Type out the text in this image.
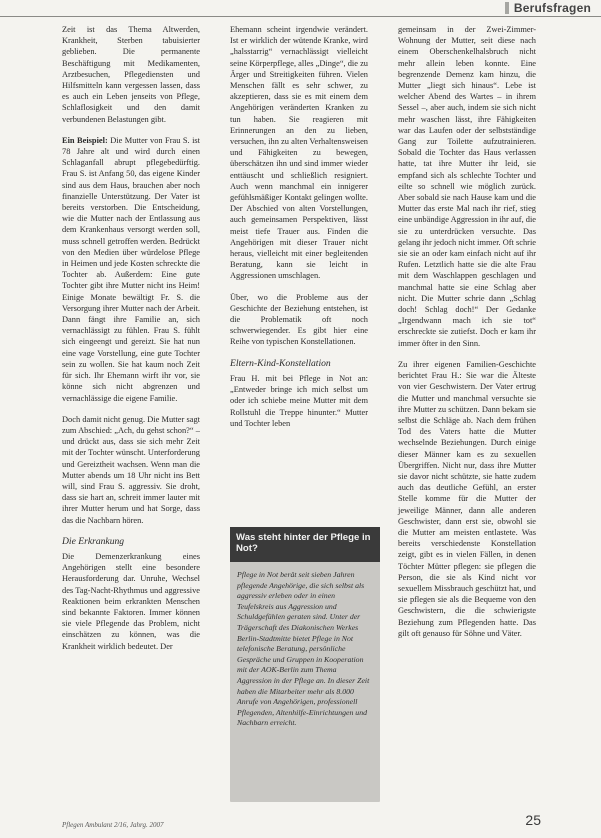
Berufsfragen

Zeit ist das Thema Altwerden, Krankheit, Sterben tabuisierter geblieben. Die permanente Beschäftigung mit Medikamenten, Arztbesuchen, Pflegediensten und Hilfsmitteln kann vergessen lassen, dass es auch ein Leben jenseits von Pflege, Schlaflosigkeit und den damit verbundenen Belastungen gibt.

Ein Beispiel: Die Mutter von Frau S. ist 78 Jahre alt und wird durch einen Schlaganfall abrupt pflegebedürftig. Frau S. ist Anfang 50, das eigene Kinder sind aus dem Haus, brauchen aber noch finanzielle Unterstützung. Der Vater ist bereits verstorben. Die Entscheidung, wie die Mutter nach der Entlassung aus dem Krankenhaus versorgt werden soll, muss schnell getroffen werden. Bedrückt von den Medien über würdelose Pflege in Heimen und jede Kosten schreckte die Tochter ab. Außerdem: Eine gute Tochter gibt ihre Mutter nicht ins Heim! Einige Monate bewältigt Fr. S. die Versorgung ihrer Mutter nach der Arbeit. Dann fängt ihre Familie an, sich vernachlässigt zu fühlen. Frau S. fühlt sich eingeengt und gereizt. Sie hat nun eine vage Vorstellung, eine gute Tochter sein zu wollen. Sie hat kaum noch Zeit für sich. Ihr Ehemann wirft ihr vor, sie könne sich nicht abgrenzen und vernachlässige die eigene Familie.

Doch damit nicht genug. Die Mutter sagt zum Abschied: „Ach, du gehst schon?“ – und drückt aus, dass sie sich mehr Zeit mit der Tochter wünscht. Unterforderung und Gereiztheit wachsen. Wenn man die Mutter abends um 18 Uhr nicht ins Bett will, sind Frau S. aggressiv. Sie droht, dass sie hart an, schreit immer lauter mit ihrer Mutter herum und hat Sorge, dass das die Nachbarn hören.

Die Erkrankung

Die Demenzerkrankung eines Angehörigen stellt eine besondere Herausforderung dar. Unruhe, Wechsel des Tag-Nacht-Rhythmus und aggressive Reaktionen beim erkrankten Menschen sind bekannte Faktoren. Immer können sie viele Pflegende das Problem, nicht einschätzen zu können, was die Krankheit wirklich bedeutet. Der

Ehemann scheint irgendwie verändert. Ist er wirklich der wütende Kranke, wird „halsstarrig“ vernachlässigt vielleicht seine Körperpflege, alles „Dinge“, die zu Ärger und Streitigkeiten führen. Vielen Menschen fällt es sehr schwer, zu akzeptieren, dass sie es mit einem dem Angehörigen veränderten Kranken zu tun haben. Sie reagieren mit Erinnerungen an den zu lieben, versuchen, ihn zu alten Verhaltensweisen und Fähigkeiten zu bewegen, überschätzen ihn und sind immer wieder enttäuscht und schließlich resigniert. Auch wenn manchmal ein innigerer gefühlsmäßiger Kontakt gelingen wollte. Der Abschied von alten Vorstellungen, auch gemeinsamen Perspektiven, lässt meist tiefe Trauer aus. Finden die Angehörigen mit dieser Trauer nicht heraus, vielleicht mit einer begleitenden Beratung, kann sie leicht in Aggressionen umschlagen.

Über, wo die Probleme aus der Geschichte der Beziehung entstehen, ist die Problematik oft noch schwerwiegender. Es gibt hier eine Reihe von typischen Konstellationen.

Eltern-Kind-Konstellation

Frau H. mit bei Pflege in Not an: „Entweder bringe ich mich selbst um oder ich schiebe meine Mutter mit dem Rollstuhl die Treppe hinunter.“ Mutter und Tochter leben

Was steht hinter der Pflege in Not?
Pflege in Not berät seit sieben Jahren pflegende Angehörige, die sich selbst als aggressiv erleben oder in einen Teufelskreis aus Aggression und Schuldgefühlen geraten sind. Unter der Trägerschaft des Diakonischen Werkes Berlin-Stadtmitte bietet Pflege in Not telefonische Beratung, persönliche Gespräche und Gruppen in Kooperation mit der AOK-Berlin zum Thema Aggression in der Pflege an. In dieser Zeit haben die Mitarbeiter mehr als 8.000 Anrufe von Angehörigen, professionell Pflegenden, Altenhilfe-Einrichtungen und Nachbarn erreicht.

gemeinsam in der Zwei-Zimmer-Wohnung der Mutter, seit diese nach einem Oberschenkelhalsbruch nicht mehr allein leben konnte. Eine begrenzende Demenz kam hinzu, die Mutter „liegt sich hinaus“. Lebe ist welcher Abend des Wartes – in ihrem Sessel –, aber auch, indem sie sich nicht mehr waschen lässt, ihre Fähigkeiten war das Laufen oder der selbstständige Gang zur Toilette aufzutrainieren. Sobald die Tochter das Haus verlassen hatte, tat ihre Mutter ihr leid, sie empfand sich als schlechte Tochter und eilte so schnell wie möglich zurück. Aber sobald sie nach Hause kam und die Mutter das erste Mal nach ihr rief, stieg eine unbändige Aggression in ihr auf, die sie zu unterdrücken versuchte. Das gelang ihr jedoch nicht immer. Oft schrie sie sie an oder kam einfach nicht auf ihr Rufen. Letztlich hatte sie die alte Frau mit dem Waschlappen geschlagen und manchmal hatte sie eine Schlag aber nicht. Die Mutter schrie dann „Schlag doch! Schlag doch!“ Der Gedanke „Irgendwann mach ich sie tot“ erschreckte sie zutiefst. Doch er kam ihr immer öfter in den Sinn.

Zu ihrer eigenen Familien-Geschichte berichtet Frau H.: Sie war die Älteste von vier Geschwistern. Der Vater ertrug die Mutter und manchmal versuchte sie ihre Mutter zu schützen. Dann bekam sie selbst die Schläge ab. Nach dem frühen Tod des Vaters hatte die Mutter wechselnde Beziehungen. Durch einige dieser Männer kam es zu sexuellen Übergriffen. Nicht nur, dass ihre Mutter sie davor nicht schützte, sie hatte zudem auch das deutliche Gefühl, an erster Stelle komme für die Mutter der jeweilige Männer, dann alle anderen Geschwister, dann erst sie, obwohl sie die Mutter am meisten entlastete. Was bereits verschiedenste Konstellation zeigt, gibt es in vielen Fällen, in denen Töchter Mütter pflegen: sie pflegen die Person, die sie als Kind nicht vor sexuellem Missbrauch geschützt hat, und sie pflegen sie als die Bequeme von den Geschwistern, die die schwierigste Beziehung zum Pflegenden hatte. Das gilt oft genauso für Söhne und Väter.

Pflegen Ambulant 2/16, Jahrg. 2007	25
